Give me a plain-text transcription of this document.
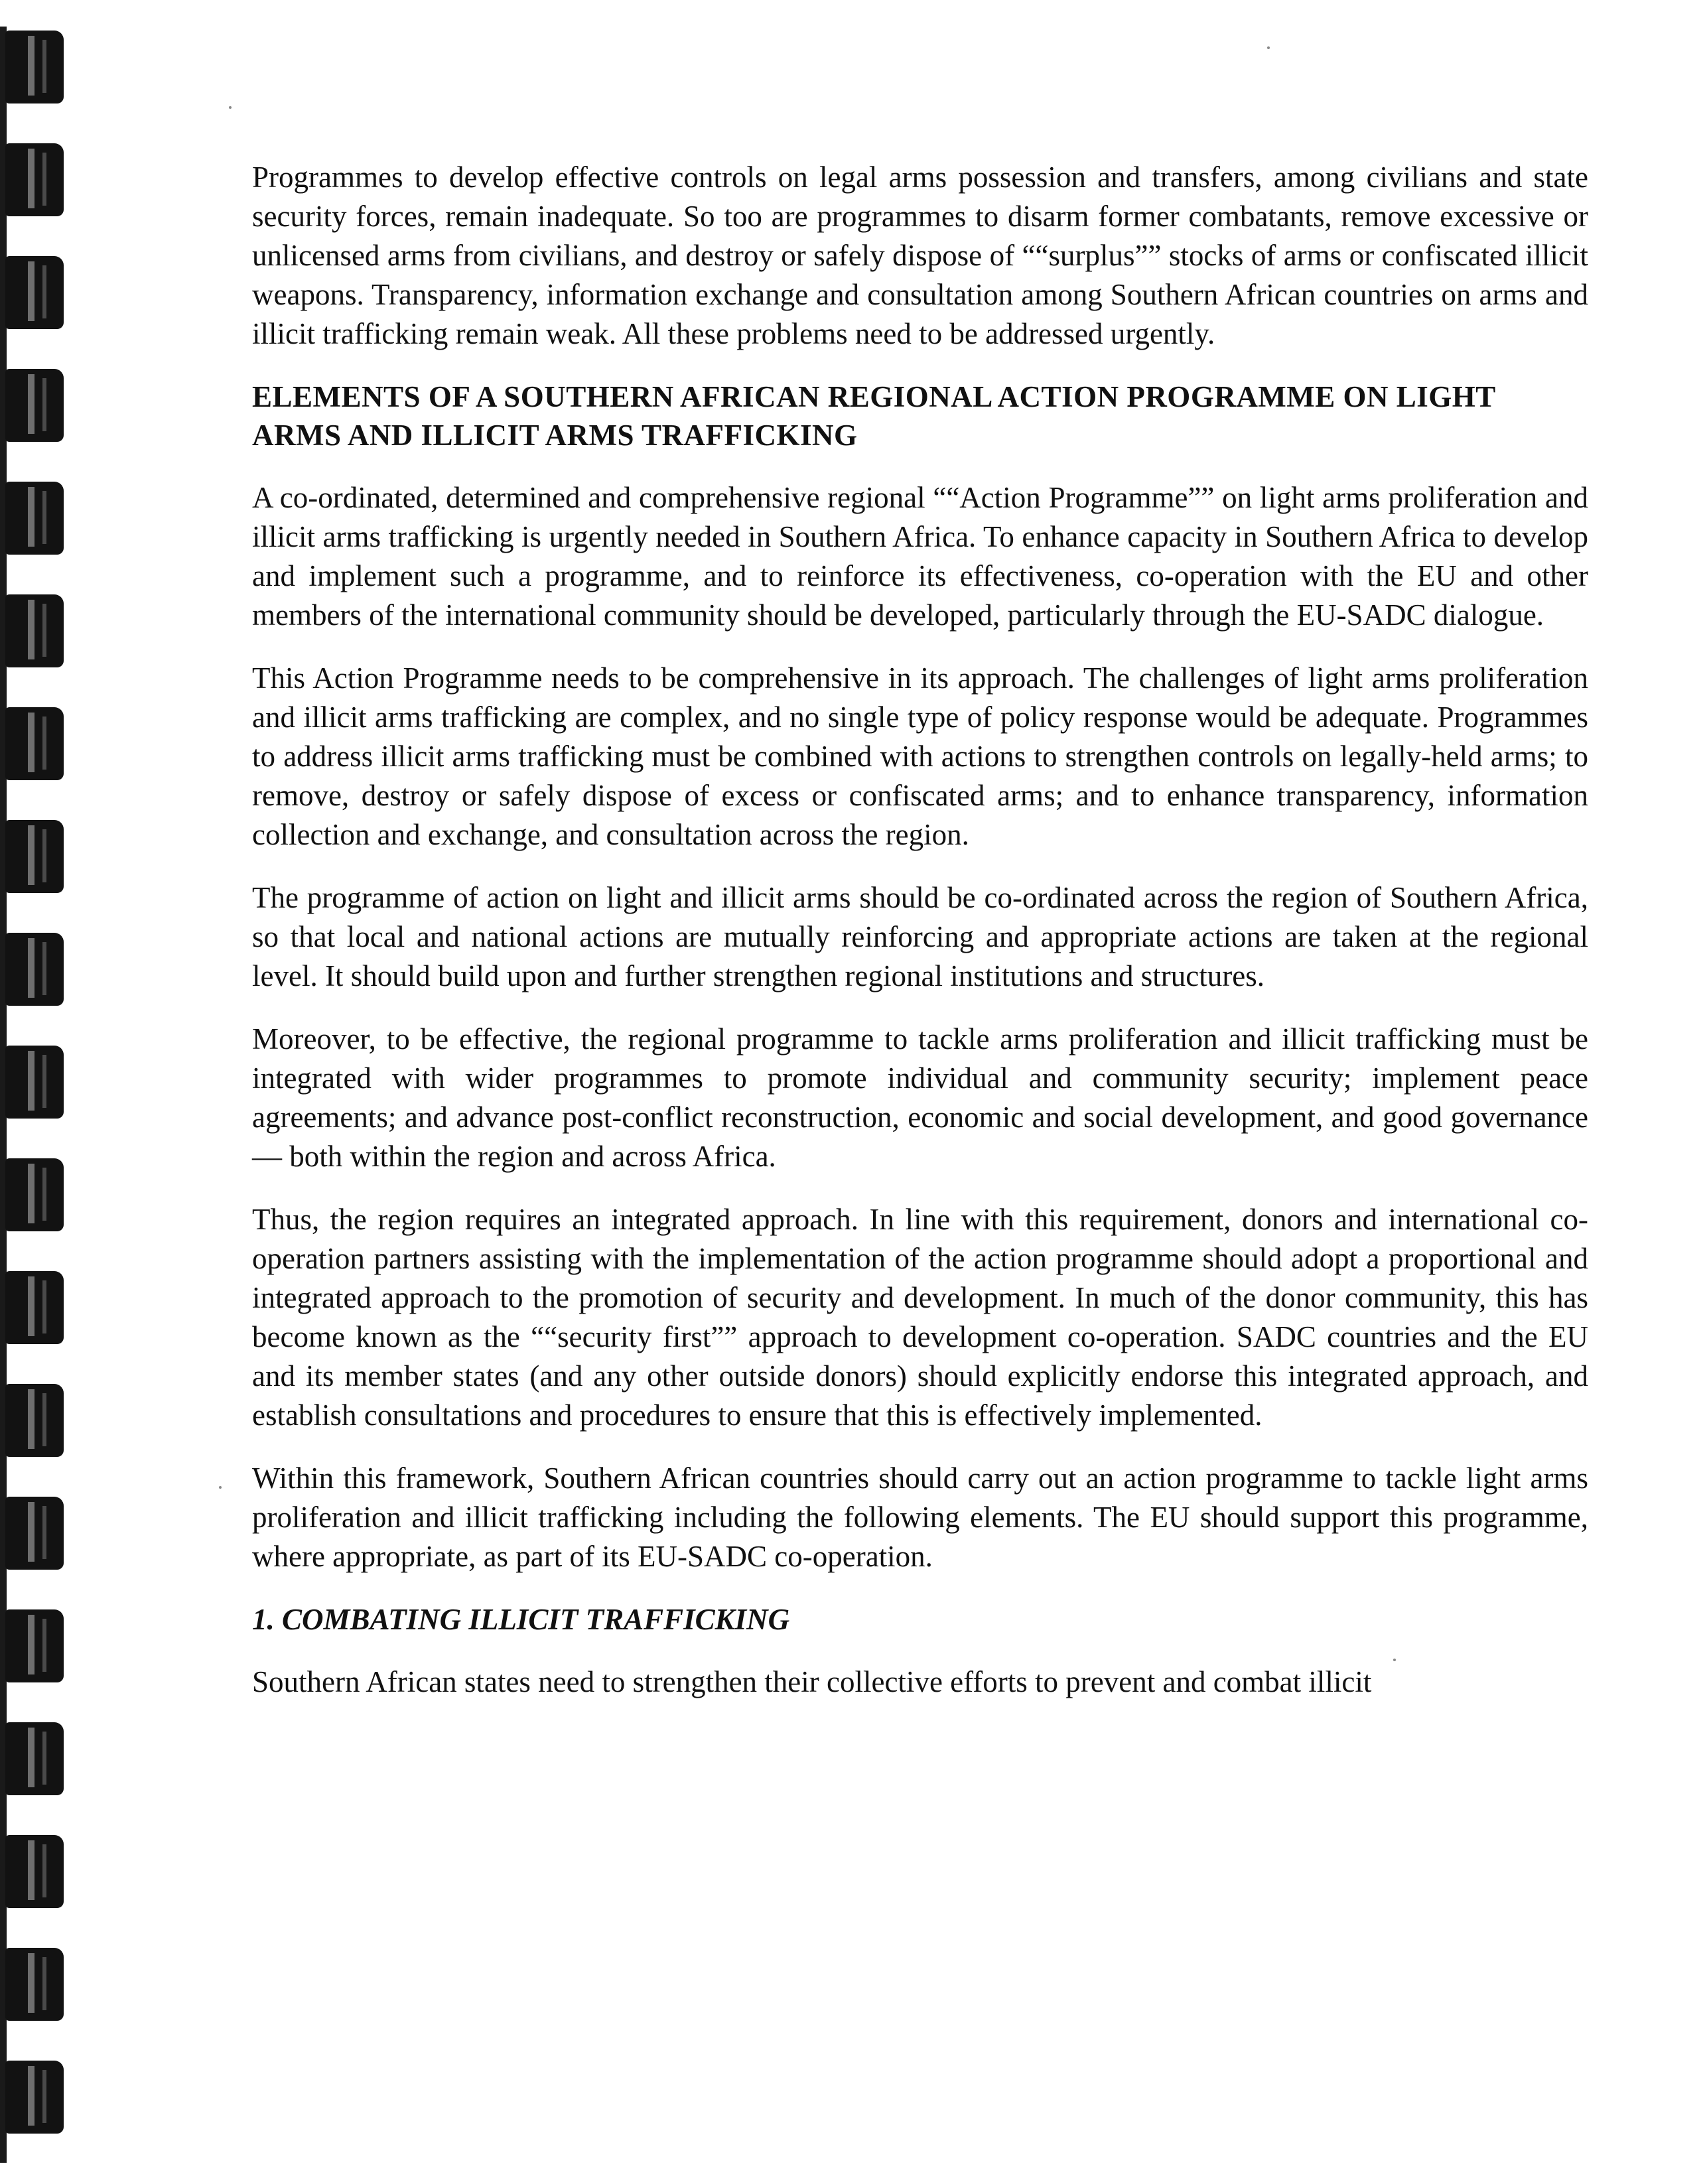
Programmes to develop effective controls on legal arms possession and transfers, among civilians and state security forces, remain inadequate. So too are programmes to disarm former combatants, remove excessive or unlicensed arms from civilians, and destroy or safely dispose of ““surplus”” stocks of arms or confiscated illicit weapons. Transparency, information exchange and consultation among Southern African countries on arms and illicit trafficking remain weak. All these problems need to be addressed urgently.

ELEMENTS OF A SOUTHERN AFRICAN REGIONAL ACTION PROGRAMME ON LIGHT ARMS AND ILLICIT ARMS TRAFFICKING

A co-ordinated, determined and comprehensive regional ““Action Programme”” on light arms proliferation and illicit arms trafficking is urgently needed in Southern Africa. To enhance capacity in Southern Africa to develop and implement such a programme, and to reinforce its effectiveness, co-operation with the EU and other members of the international community should be developed, particularly through the EU-SADC dialogue.

This Action Programme needs to be comprehensive in its approach. The challenges of light arms proliferation and illicit arms trafficking are complex, and no single type of policy response would be adequate. Programmes to address illicit arms trafficking must be combined with actions to strengthen controls on legally-held arms; to remove, destroy or safely dispose of excess or confiscated arms; and to enhance transparency, information collection and exchange, and consultation across the region.

The programme of action on light and illicit arms should be co-ordinated across the region of Southern Africa, so that local and national actions are mutually reinforcing and appropriate actions are taken at the regional level. It should build upon and further strengthen regional institutions and structures.

Moreover, to be effective, the regional programme to tackle arms proliferation and illicit trafficking must be integrated with wider programmes to promote individual and community security; implement peace agreements; and advance post-conflict reconstruction, economic and social development, and good governance— both within the region and across Africa.

Thus, the region requires an integrated approach. In line with this requirement, donors and international co-operation partners assisting with the implementation of the action programme should adopt a proportional and integrated approach to the promotion of security and development. In much of the donor community, this has become known as the ““security first”” approach to development co-operation. SADC countries and the EU and its member states (and any other outside donors) should explicitly endorse this integrated approach, and establish consultations and procedures to ensure that this is effectively implemented.

Within this framework, Southern African countries should carry out an action programme to tackle light arms proliferation and illicit trafficking including the following elements. The EU should support this programme, where appropriate, as part of its EU-SADC co-operation.

1. COMBATING ILLICIT TRAFFICKING

Southern African states need to strengthen their collective efforts to prevent and combat illicit
